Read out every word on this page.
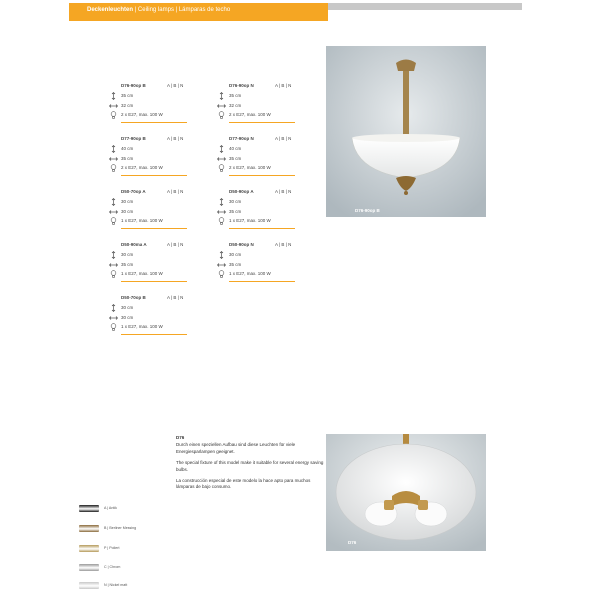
Deckenleuchten | Ceiling lamps | Lámparas de techo
D76-90op B	A | B | N
35 cm
32 cm
2 x E27, max. 100 W
D76-90op N	A | B | N
35 cm
32 cm
2 x E27, max. 100 W
D77-90op B	A | B | N
40 cm
35 cm
2 x E27, max. 100 W
D77-90op N	A | B | N
40 cm
35 cm
2 x E27, max. 100 W
D50-70op A	A | B | N
30 cm
30 cm
1 x E27, max. 100 W
D50-90op A	A | B | N
30 cm
35 cm
1 x E27, max. 100 W
D50-90ma A	A | B | N
30 cm
35 cm
1 x E27, max. 100 W
D50-90op N	A | B | N
30 cm
35 cm
1 x E27, max. 100 W
D50-70op B	A | B | N
30 cm
30 cm
1 x E27, max. 100 W
D76-90op B
D76
D76

Durch einen speziellen Aufbau sind diese Leuchten für viele Energiesparlampen geeignet.

The special fixture of this model make it suitable for several energy saving bulbs.

La construcción especial de este modelo la hace apto para muchos lámparas de bajo consumo.

A | Antik
B | Berliner Messing
P | Poliert
C | Chrom
N | Nickel matt
